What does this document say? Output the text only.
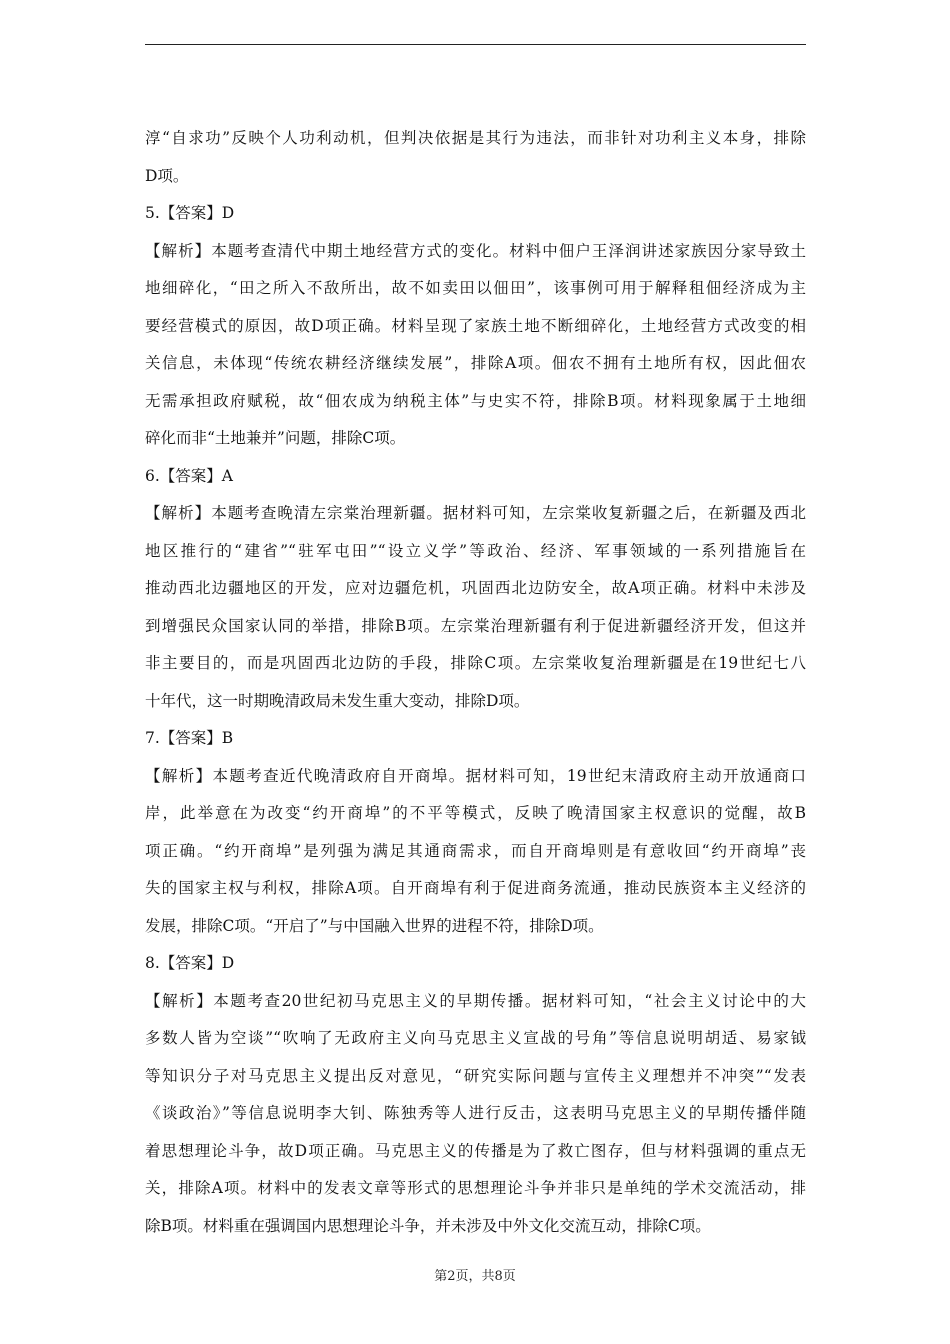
淳“自求功”反映个人功利动机，但判决依据是其行为违法，而非针对功利主义本身，排除
D项。
5.【答案】D
【解析】本题考查清代中期土地经营方式的变化。材料中佃户王泽润讲述家族因分家导致土
地细碎化，“田之所入不敌所出，故不如卖田以佃田”，该事例可用于解释租佃经济成为主
要经营模式的原因，故D项正确。材料呈现了家族土地不断细碎化，土地经营方式改变的相
关信息，未体现“传统农耕经济继续发展”，排除A项。佃农不拥有土地所有权，因此佃农
无需承担政府赋税，故“佃农成为纳税主体”与史实不符，排除B项。材料现象属于土地细
碎化而非“土地兼并”问题，排除C项。
6.【答案】A
【解析】本题考查晚清左宗棠治理新疆。据材料可知，左宗棠收复新疆之后，在新疆及西北
地区推行的“建省”“驻军屯田”“设立义学”等政治、经济、军事领域的一系列措施旨在
推动西北边疆地区的开发，应对边疆危机，巩固西北边防安全，故A项正确。材料中未涉及
到增强民众国家认同的举措，排除B项。左宗棠治理新疆有利于促进新疆经济开发，但这并
非主要目的，而是巩固西北边防的手段，排除C项。左宗棠收复治理新疆是在19世纪七八
十年代，这一时期晚清政局未发生重大变动，排除D项。
7.【答案】B
【解析】本题考查近代晚清政府自开商埠。据材料可知，19世纪末清政府主动开放通商口
岸，此举意在为改变“约开商埠”的不平等模式，反映了晚清国家主权意识的觉醒，故B
项正确。“约开商埠”是列强为满足其通商需求，而自开商埠则是有意收回“约开商埠”丧
失的国家主权与利权，排除A项。自开商埠有利于促进商务流通，推动民族资本主义经济的
发展，排除C项。“开启了”与中国融入世界的进程不符，排除D项。
8.【答案】D
【解析】本题考查20世纪初马克思主义的早期传播。据材料可知，“社会主义讨论中的大
多数人皆为空谈”“吹响了无政府主义向马克思主义宣战的号角”等信息说明胡适、易家钺
等知识分子对马克思主义提出反对意见，“研究实际问题与宣传主义理想并不冲突”“发表
《谈政治》”等信息说明李大钊、陈独秀等人进行反击，这表明马克思主义的早期传播伴随
着思想理论斗争，故D项正确。马克思主义的传播是为了救亡图存，但与材料强调的重点无
关，排除A项。材料中的发表文章等形式的思想理论斗争并非只是单纯的学术交流活动，排
除B项。材料重在强调国内思想理论斗争，并未涉及中外文化交流互动，排除C项。
第2页，共8页
